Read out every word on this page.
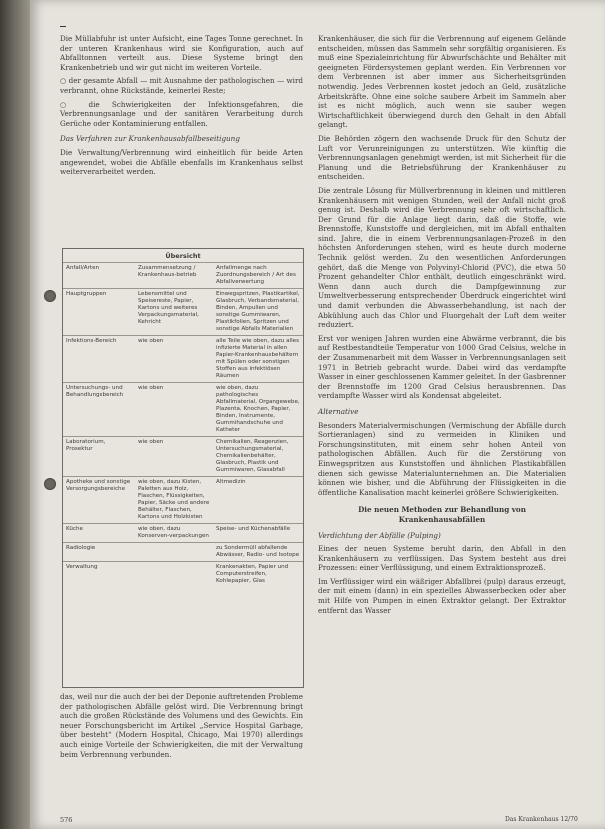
Die Müllabfuhr ist unter Aufsicht, eine Tages Tonne gerechnet. In der unteren Krankenhaus wird sie Konfiguration, auch auf Abfalltonnen verteilt aus. Diese Systeme bringt den Krankenbetrieb und wir gut nicht im weiteren Vorteile.

○ der gesamte Abfall — mit Ausnahme der pathologischen — wird verbrannt, ohne Rückstände, keinerlei Reste;

○ die Schwierigkeiten der Infektionsgefahren, die Verbrennungsanlage und der sanitären Verarbeitung durch Gerüche oder Kontaminierung entfallen.

Das Verfahren zur Krankenhausabfallbeseitigung

Die Verwaltung/Verbrennung wird einheitlich für beide Arten angewendet, wobei die Abfälle ebenfalls im Krankenhaus selbst weiterverarbeitet werden.

Übersicht
Anfall/Arten	Zusammensetzung / Krankenhaus-betrieb	Anfallmenge nach Zuordnungsbereich / Art des Abfallverwertung
Hauptgruppen	Lebensmittel und Speisereste, Papier, Kartons und weiteres Verpackungsmaterial, Kehricht	Einwegspritzen, Plastikartikel, Glasbruch, Verbandsmaterial, Binden, Ampullen und sonstige Gummiwaren, Plastikfolien, Spritzen und sonstige Abfalls Materialien
Infektions-Bereich	wie oben	alle Teile wie oben, dazu alles infizierte Material in allen Papier-Krankenhausbehältern mit Spülen oder sonstigen Stoffen aus infektiösen Räumen
Untersuchungs- und Behandlungsbereich	wie oben	wie oben, dazu pathologisches Abfallmaterial, Organgewebe, Plazenta, Knochen, Papier, Binden, Instrumente, Gummihandschuhe und Katheter
Laboratorium, Prosektur	wie oben	Chemikalien, Reagenzien, Untersuchungsmaterial, Chemikalienbehälter, Glasbruch, Plastik und Gummiwaren, Glasabfall
Apotheke und sonstige Versorgungsbereiche	wie oben, dazu Kisten, Paletten aus Holz, Flaschen, Flüssigkeiten, Papier, Säcke und andere Behälter, Flaschen, Kartons und Holzkisten	Altmedizin
Küche	wie oben, dazu Konserven-verpackungen	Speise- und Küchenabfälle
Radiologie		zu Sondermüll abfallende Abwässer, Radio- und Isotope
Verwaltung		Krankenakten, Papier und Computerstreifen, Kohlepapier, Glas

das, weil nur die auch der bei der Deponie auftretenden Probleme der pathologischen Abfälle gelöst wird. Die Verbrennung bringt auch die großen Rückstände des Volumens und des Gewichts. Ein neuer Forschungsbericht im Artikel „Service Hospital Garbage, über besteht“ (Modern Hospital, Chicago, Mai 1970) allerdings auch einige Vorteile der Schwierigkeiten, die mit der Verwaltung beim Verbrennung verbunden.

Krankenhäuser, die sich für die Verbrennung auf eigenem Gelände entscheiden, müssen das Sammeln sehr sorgfältig organisieren. Es muß eine Spezialeinrichtung für Abwurfschächte und Behälter mit geeigneten Fördersystemen geplant werden. Ein Verbrennen vor dem Verbrennen ist aber immer aus Sicherheitsgründen notwendig. Jedes Verbrennen kostet jedoch an Geld, zusätzliche Arbeitskräfte. Ohne eine solche saubere Arbeit im Sammeln aber ist es nicht möglich, auch wenn sie sauber wegen Wirtschaftlichkeit überwiegend durch den Gehalt in den Abfall gelangt.

Die Behörden zögern den wachsende Druck für den Schutz der Luft vor Verunreinigungen zu unterstützen. Wie künftig die Verbrennungsanlagen genehmigt werden, ist mit Sicherheit für die Planung und die Betriebsführung der Krankenhäuser zu entscheiden.

Die zentrale Lösung für Müllverbrennung in kleinen und mittleren Krankenhäusern mit wenigen Stunden, weil der Anfall nicht groß genug ist. Deshalb wird die Verbrennung sehr oft wirtschaftlich. Der Grund für die Anlage liegt darin, daß die Stoffe, wie Brennstoffe, Kunststoffe und dergleichen, mit im Abfall enthalten sind. Jahre, die in einem Verbrennungsanlagen-Prozeß in den höchsten Anforderungen stehen, wird es heute durch moderne Technik gelöst werden. Zu den wesentlichen Anforderungen gehört, daß die Menge von Polyvinyl-Chlorid (PVC), die etwa 50 Prozent gehandelter Chlor enthält, deutlich eingeschränkt wird. Wenn dann auch durch die Dampfgewinnung zur Umweltverbesserung entsprechender Überdruck eingerichtet wird und damit verbunden die Abwasserbehandlung, ist nach der Abkühlung auch das Chlor und Fluorgehalt der Luft dem weiter reduziert.

Erst vor wenigen Jahren wurden eine Abwärme verbrannt, die bis auf Restbestandteile Temperatur von 1000 Grad Celsius, welche in der Zusammenarbeit mit dem Wasser in Verbrennungsanlagen seit 1971 in Betrieb gebracht wurde. Dabei wird das verdampfte Wasser in einer geschlossenen Kammer geleitet. In der Gasbrenner der Brennstoffe im 1200 Grad Celsius herausbrennen. Das verdampfte Wasser wird als Kondensat abgeleitet.

Alternative

Besonders Materialvermischungen (Vermischung der Abfälle durch Sortieranlagen) sind zu vermeiden in Kliniken und Forschungsinstituten, mit einem sehr hohen Anteil von pathologischen Abfällen. Auch für die Zerstörung von Einwegspritzen aus Kunststoffen und ähnlichen Plastikabfällen dienen sich gewisse Materialunternehmen an. Die Materialien können wie bisher, und die Abführung der Flüssigkeiten in die öffentliche Kanalisation macht keinerlei größere Schwierigkeiten.

Die neuen Methoden zur Behandlung von Krankenhausabfällen

Verdichtung der Abfälle (Pulping)

Eines der neuen Systeme beruht darin, den Abfall in den Krankenhäusern zu verflüssigen. Das System besteht aus drei Prozessen: einer Verflüssigung, und einem Extraktionsprozeß.

Im Verflüssiger wird ein wäßriger Abfallbrei (pulp) daraus erzeugt, der mit einem (dann) in ein spezielles Abwasserbecken oder aber mit Hilfe von Pumpen in einen Extraktor gelangt. Der Extraktor entfernt das Wasser

576	Das Krankenhaus 12/70
